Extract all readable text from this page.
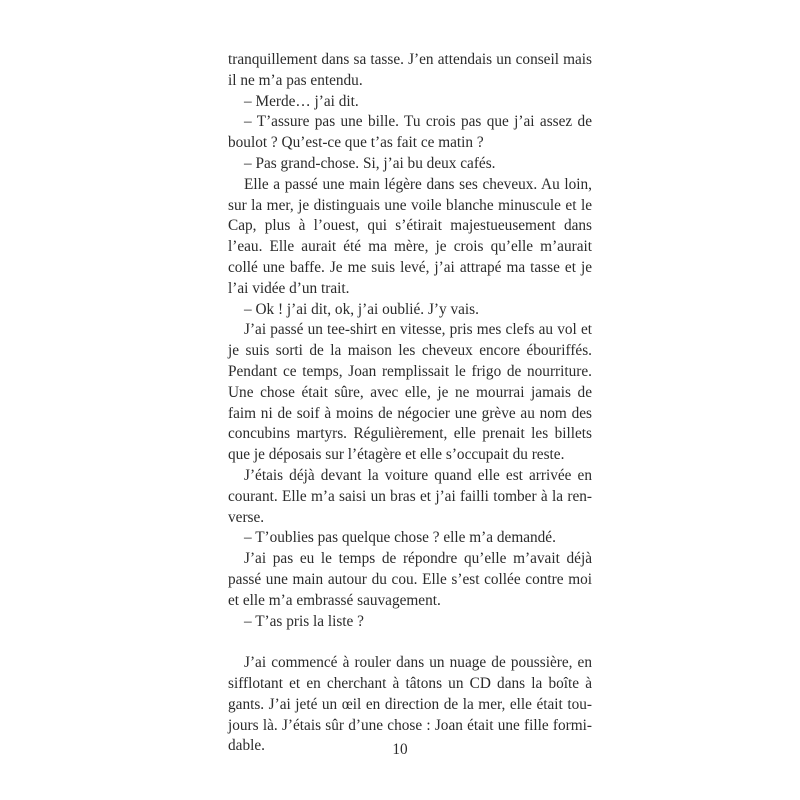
tranquillement dans sa tasse. J’en attendais un conseil mais il ne m’a pas entendu.

– Merde… j’ai dit.

– T’assure pas une bille. Tu crois pas que j’ai assez de boulot ? Qu’est-ce que t’as fait ce matin ?

– Pas grand-chose. Si, j’ai bu deux cafés.

Elle a passé une main légère dans ses cheveux. Au loin, sur la mer, je distinguais une voile blanche minuscule et le Cap, plus à l’ouest, qui s’étirait majestueusement dans l’eau. Elle aurait été ma mère, je crois qu’elle m’aurait collé une baffe. Je me suis levé, j’ai attrapé ma tasse et je l’ai vidée d’un trait.

– Ok ! j’ai dit, ok, j’ai oublié. J’y vais.

J’ai passé un tee-shirt en vitesse, pris mes clefs au vol et je suis sorti de la maison les cheveux encore ébouriffés. Pendant ce temps, Joan remplissait le frigo de nourriture. Une chose était sûre, avec elle, je ne mourrai jamais de faim ni de soif à moins de négocier une grève au nom des concubins martyrs. Régulièrement, elle prenait les billets que je déposais sur l’étagère et elle s’occupait du reste.

J’étais déjà devant la voiture quand elle est arrivée en courant. Elle m’a saisi un bras et j’ai failli tomber à la renverse.

– T’oublies pas quelque chose ? elle m’a demandé.

J’ai pas eu le temps de répondre qu’elle m’avait déjà passé une main autour du cou. Elle s’est collée contre moi et elle m’a embrassé sauvagement.

– T’as pris la liste ?

J’ai commencé à rouler dans un nuage de poussière, en sifflotant et en cherchant à tâtons un CD dans la boîte à gants. J’ai jeté un œil en direction de la mer, elle était toujours là. J’étais sûr d’une chose : Joan était une fille formidable.	10
